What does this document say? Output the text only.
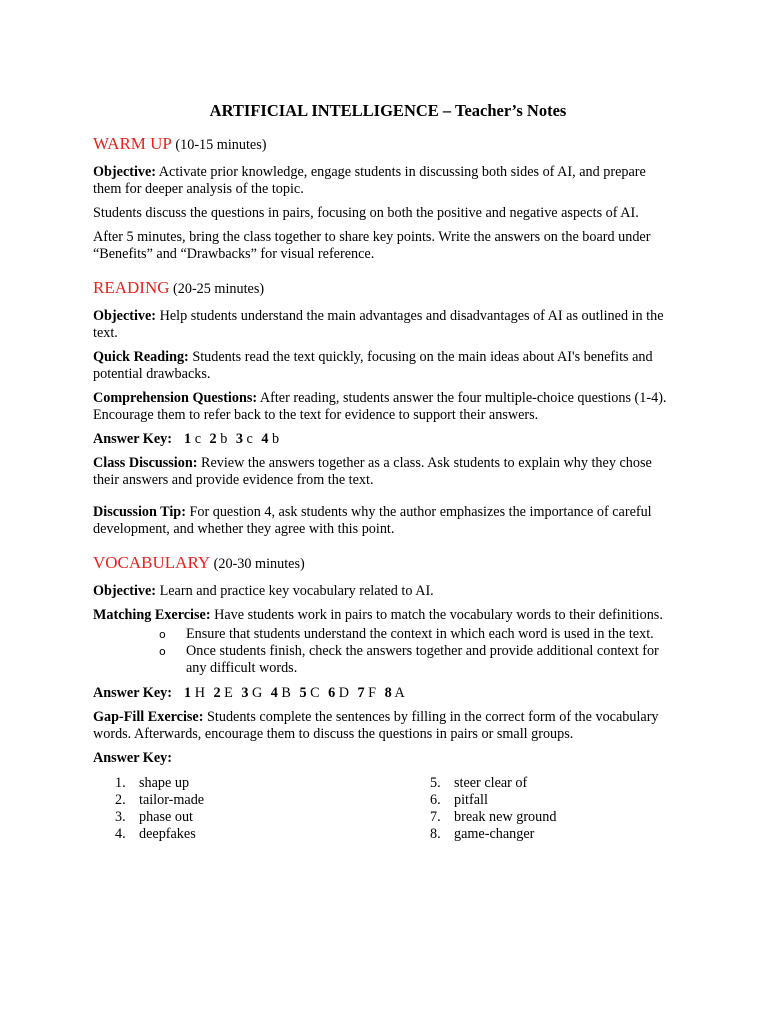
ARTIFICIAL INTELLIGENCE – Teacher’s Notes
WARM UP (10-15 minutes)
Objective: Activate prior knowledge, engage students in discussing both sides of AI, and prepare them for deeper analysis of the topic.
Students discuss the questions in pairs, focusing on both the positive and negative aspects of AI.
After 5 minutes, bring the class together to share key points. Write the answers on the board under “Benefits” and “Drawbacks” for visual reference.
READING (20-25 minutes)
Objective: Help students understand the main advantages and disadvantages of AI as outlined in the text.
Quick Reading: Students read the text quickly, focusing on the main ideas about AI's benefits and potential drawbacks.
Comprehension Questions: After reading, students answer the four multiple-choice questions (1-4). Encourage them to refer back to the text for evidence to support their answers.
Answer Key: 1 c 2 b 3 c 4 b
Class Discussion: Review the answers together as a class. Ask students to explain why they chose their answers and provide evidence from the text.
Discussion Tip: For question 4, ask students why the author emphasizes the importance of careful development, and whether they agree with this point.
VOCABULARY (20-30 minutes)
Objective: Learn and practice key vocabulary related to AI.
Matching Exercise: Have students work in pairs to match the vocabulary words to their definitions.
o Ensure that students understand the context in which each word is used in the text.
o Once students finish, check the answers together and provide additional context for any difficult words.
Answer Key: 1 H 2 E 3 G 4 B 5 C 6 D 7 F 8 A
Gap-Fill Exercise: Students complete the sentences by filling in the correct form of the vocabulary words. Afterwards, encourage them to discuss the questions in pairs or small groups.
Answer Key:
1. shape up
2. tailor-made
3. phase out
4. deepfakes
5. steer clear of
6. pitfall
7. break new ground
8. game-changer
